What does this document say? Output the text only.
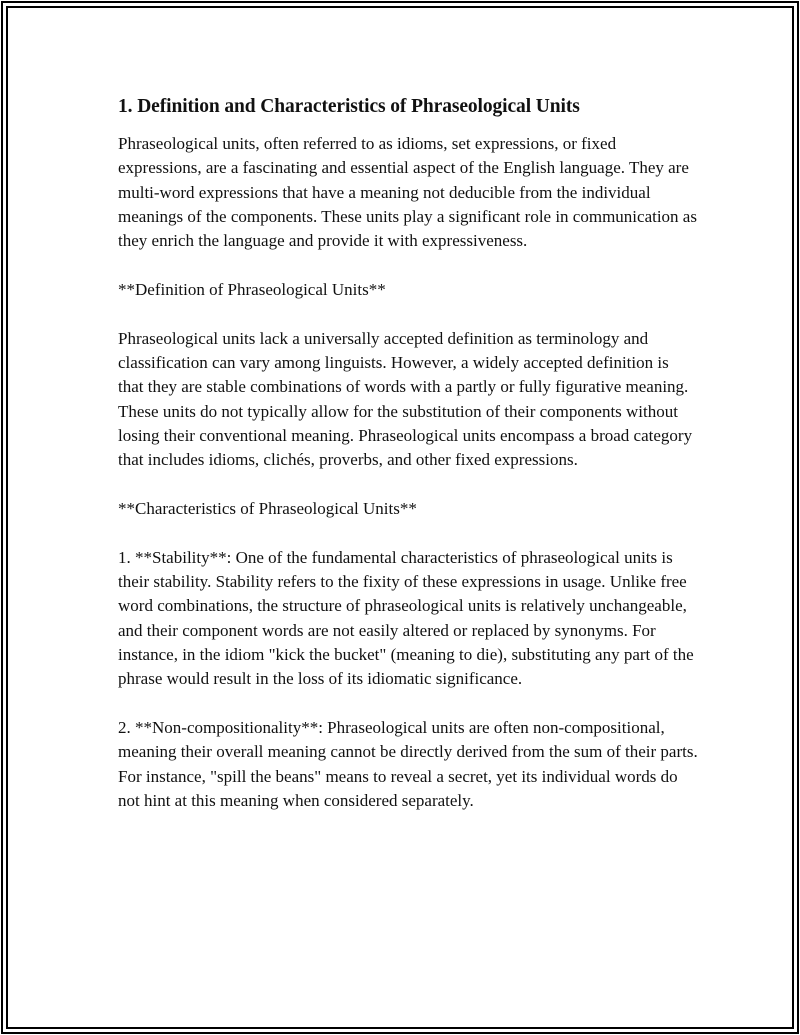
1. Definition and Characteristics of Phraseological Units

Phraseological units, often referred to as idioms, set expressions, or fixed expressions, are a fascinating and essential aspect of the English language. They are multi-word expressions that have a meaning not deducible from the individual meanings of the components. These units play a significant role in communication as they enrich the language and provide it with expressiveness.

**Definition of Phraseological Units**

Phraseological units lack a universally accepted definition as terminology and classification can vary among linguists. However, a widely accepted definition is that they are stable combinations of words with a partly or fully figurative meaning. These units do not typically allow for the substitution of their components without losing their conventional meaning. Phraseological units encompass a broad category that includes idioms, clichés, proverbs, and other fixed expressions.

**Characteristics of Phraseological Units**

1. **Stability**: One of the fundamental characteristics of phraseological units is their stability. Stability refers to the fixity of these expressions in usage. Unlike free word combinations, the structure of phraseological units is relatively unchangeable, and their component words are not easily altered or replaced by synonyms. For instance, in the idiom "kick the bucket" (meaning to die), substituting any part of the phrase would result in the loss of its idiomatic significance.

2. **Non-compositionality**: Phraseological units are often non-compositional, meaning their overall meaning cannot be directly derived from the sum of their parts. For instance, "spill the beans" means to reveal a secret, yet its individual words do not hint at this meaning when considered separately.
